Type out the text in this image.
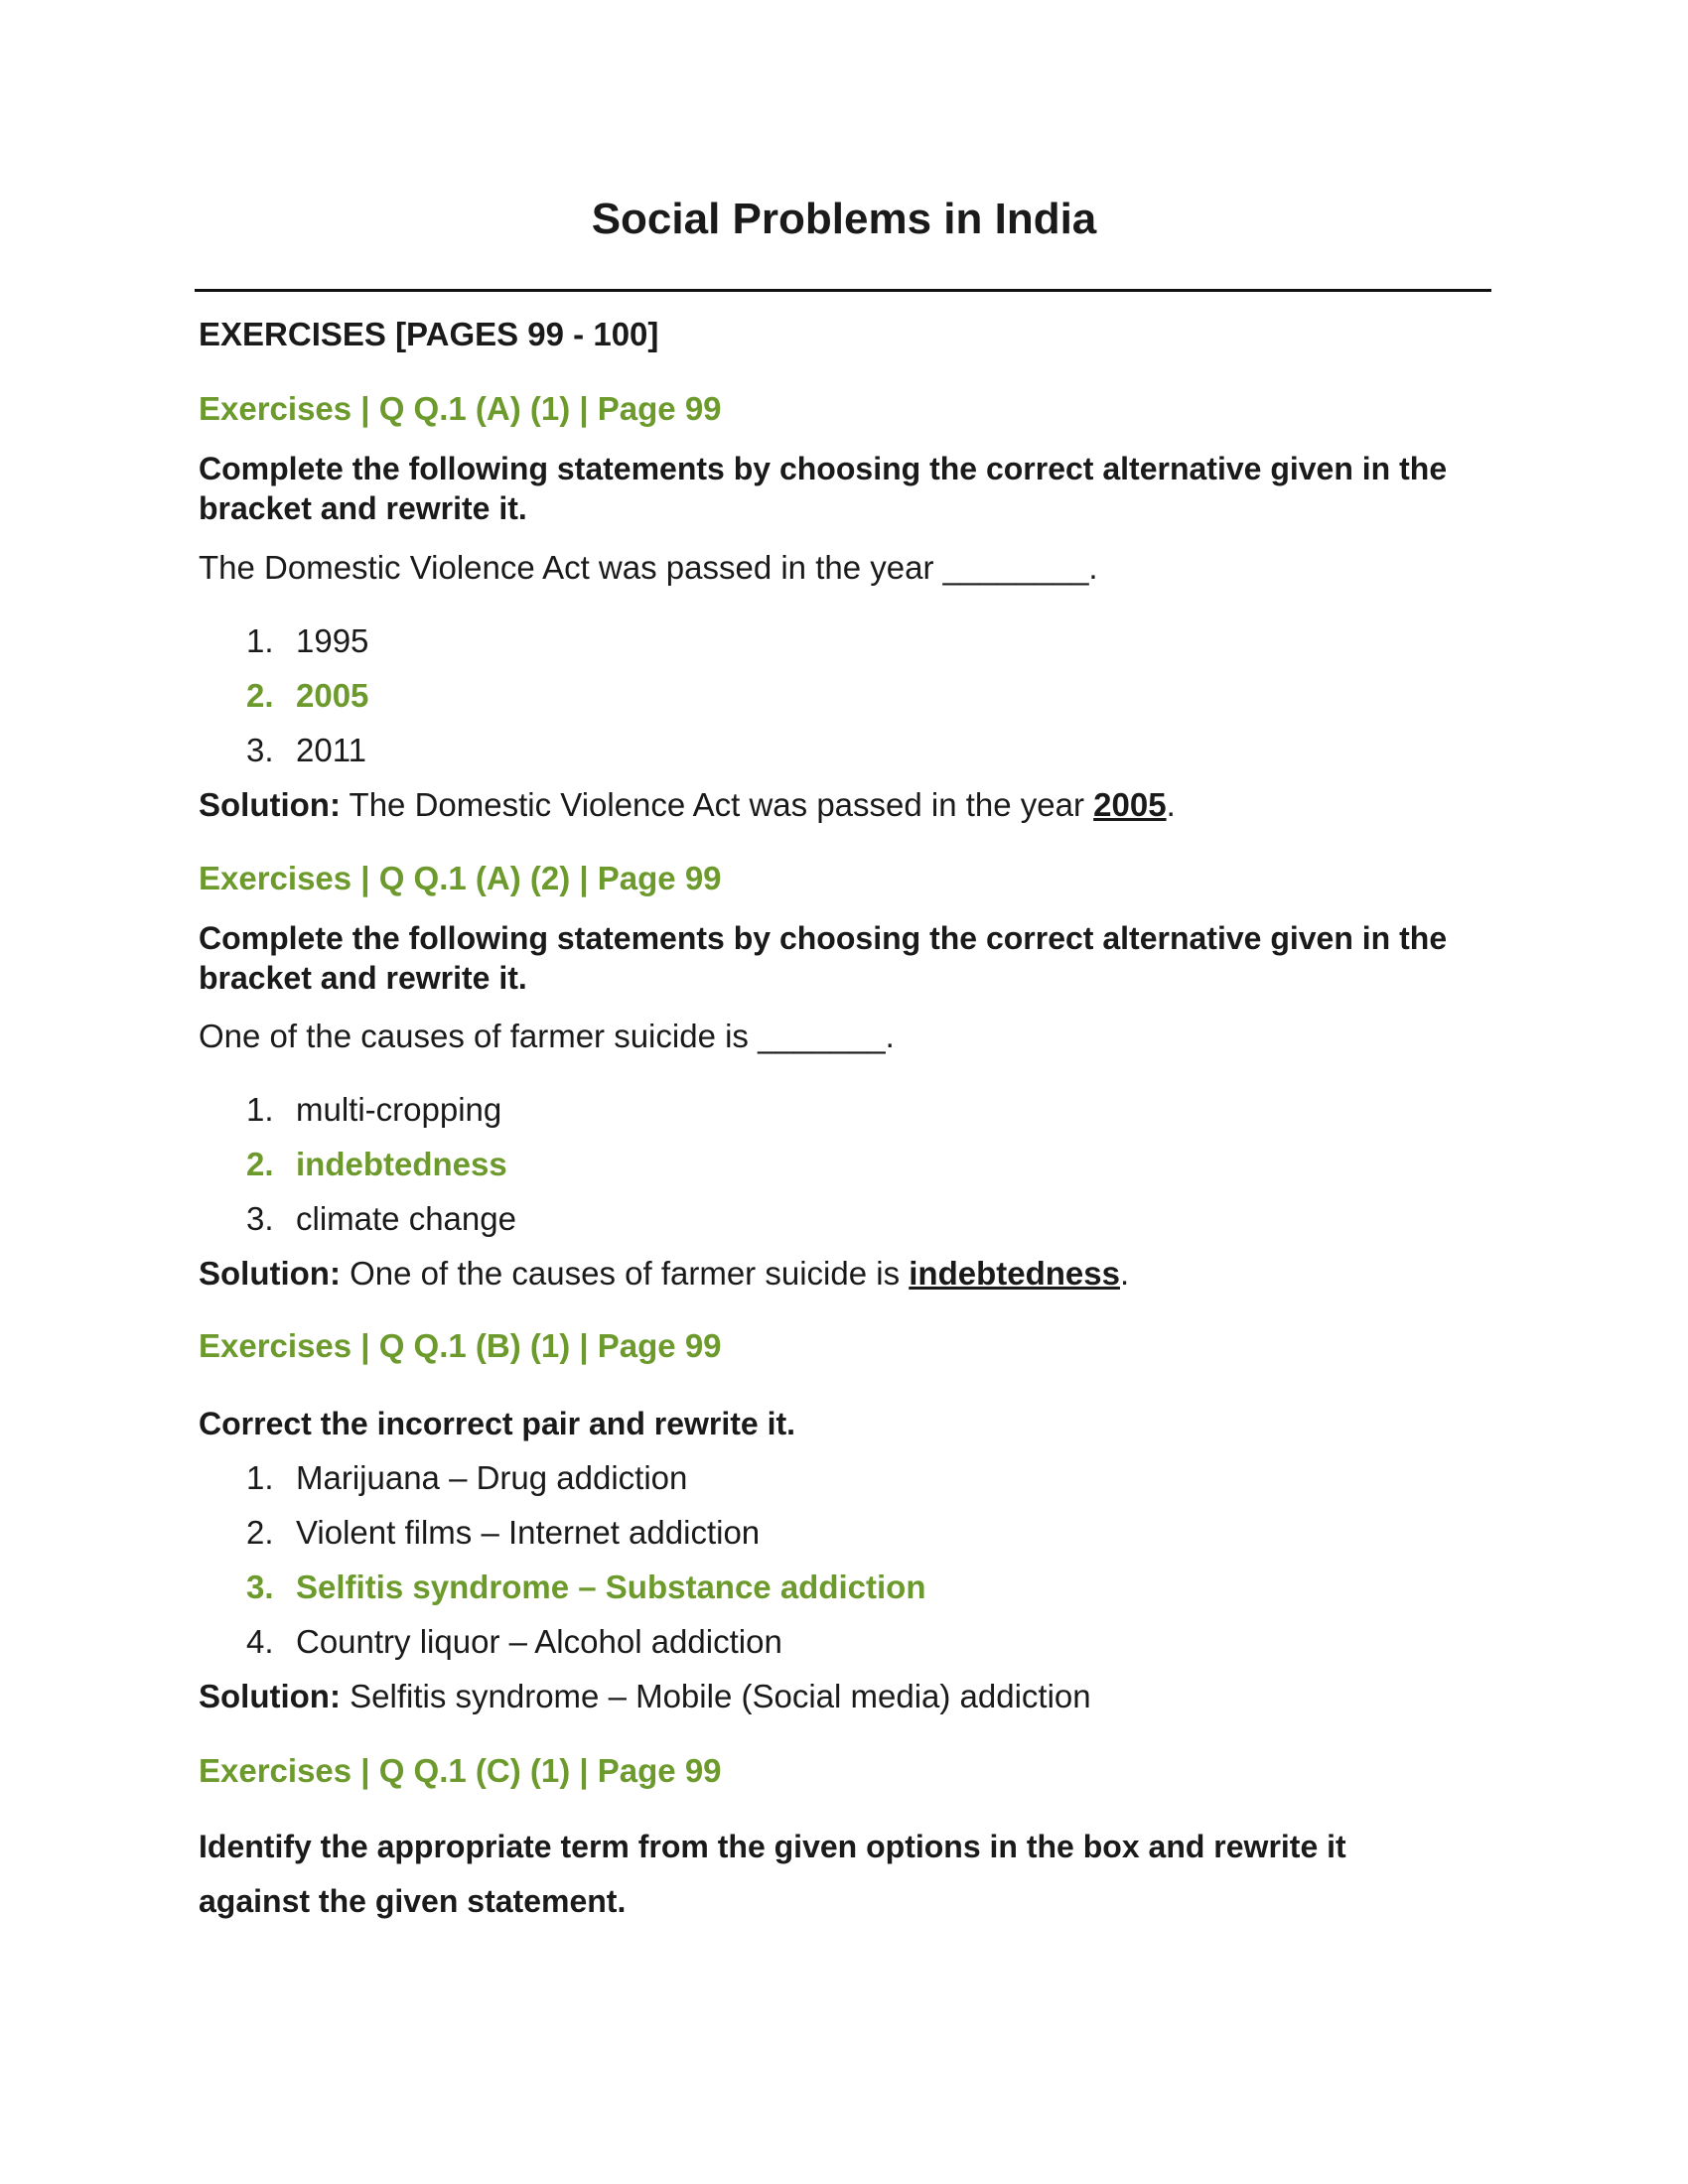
Social Problems in India
EXERCISES [PAGES 99 - 100]

Exercises | Q Q.1 (A) (1) | Page 99

Complete the following statements by choosing the correct alternative given in the bracket and rewrite it.

The Domestic Violence Act was passed in the year ________.

1. 1995

2. 2005

3. 2011

Solution: The Domestic Violence Act was passed in the year 2005.

Exercises | Q Q.1 (A) (2) | Page 99

Complete the following statements by choosing the correct alternative given in the bracket and rewrite it.

One of the causes of farmer suicide is _______.

1. multi-cropping

2. indebtedness

3. climate change

Solution: One of the causes of farmer suicide is indebtedness.

Exercises | Q Q.1 (B) (1) | Page 99

Correct the incorrect pair and rewrite it.

1. Marijuana – Drug addiction

2. Violent films – Internet addiction

3. Selfitis syndrome – Substance addiction

4. Country liquor – Alcohol addiction

Solution: Selfitis syndrome – Mobile (Social media) addiction

Exercises | Q Q.1 (C) (1) | Page 99

Identify the appropriate term from the given options in the box and rewrite it against the given statement.
